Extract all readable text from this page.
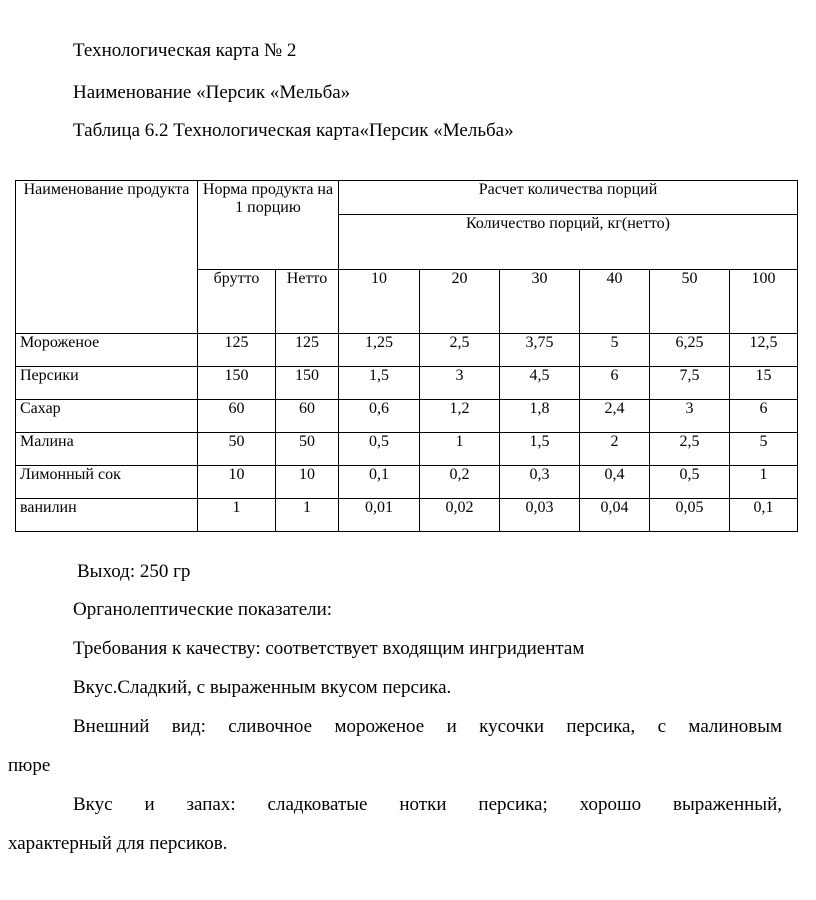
Технологическая карта № 2
Наименование «Персик «Мельба»
Таблица 6.2 Технологическая карта«Персик «Мельба»
Наименование продукта	Норма продукта на 1 порцию		Расчет количества порций					
			Количество порций, кг(нетто)					
	брутто	Нетто	10	20	30	40	50	100
Мороженое	125	125	1,25	2,5	3,75	5	6,25	12,5
Персики	150	150	1,5	3	4,5	6	7,5	15
Сахар	60	60	0,6	1,2	1,8	2,4	3	6
Малина	50	50	0,5	1	1,5	2	2,5	5
Лимонный сок	10	10	0,1	0,2	0,3	0,4	0,5	1
ванилин	1	1	0,01	0,02	0,03	0,04	0,05	0,1
Выход: 250 гр
Органолептические показатели:
Требования к качеству: соответствует входящим ингридиентам
Вкус.Сладкий, с выраженным вкусом персика.
Внешний вид: сливочное мороженое и кусочки персика, с малиновым
пюре
Вкус и запах: сладковатые нотки персика; хорошо выраженный,
характерный для персиков.
